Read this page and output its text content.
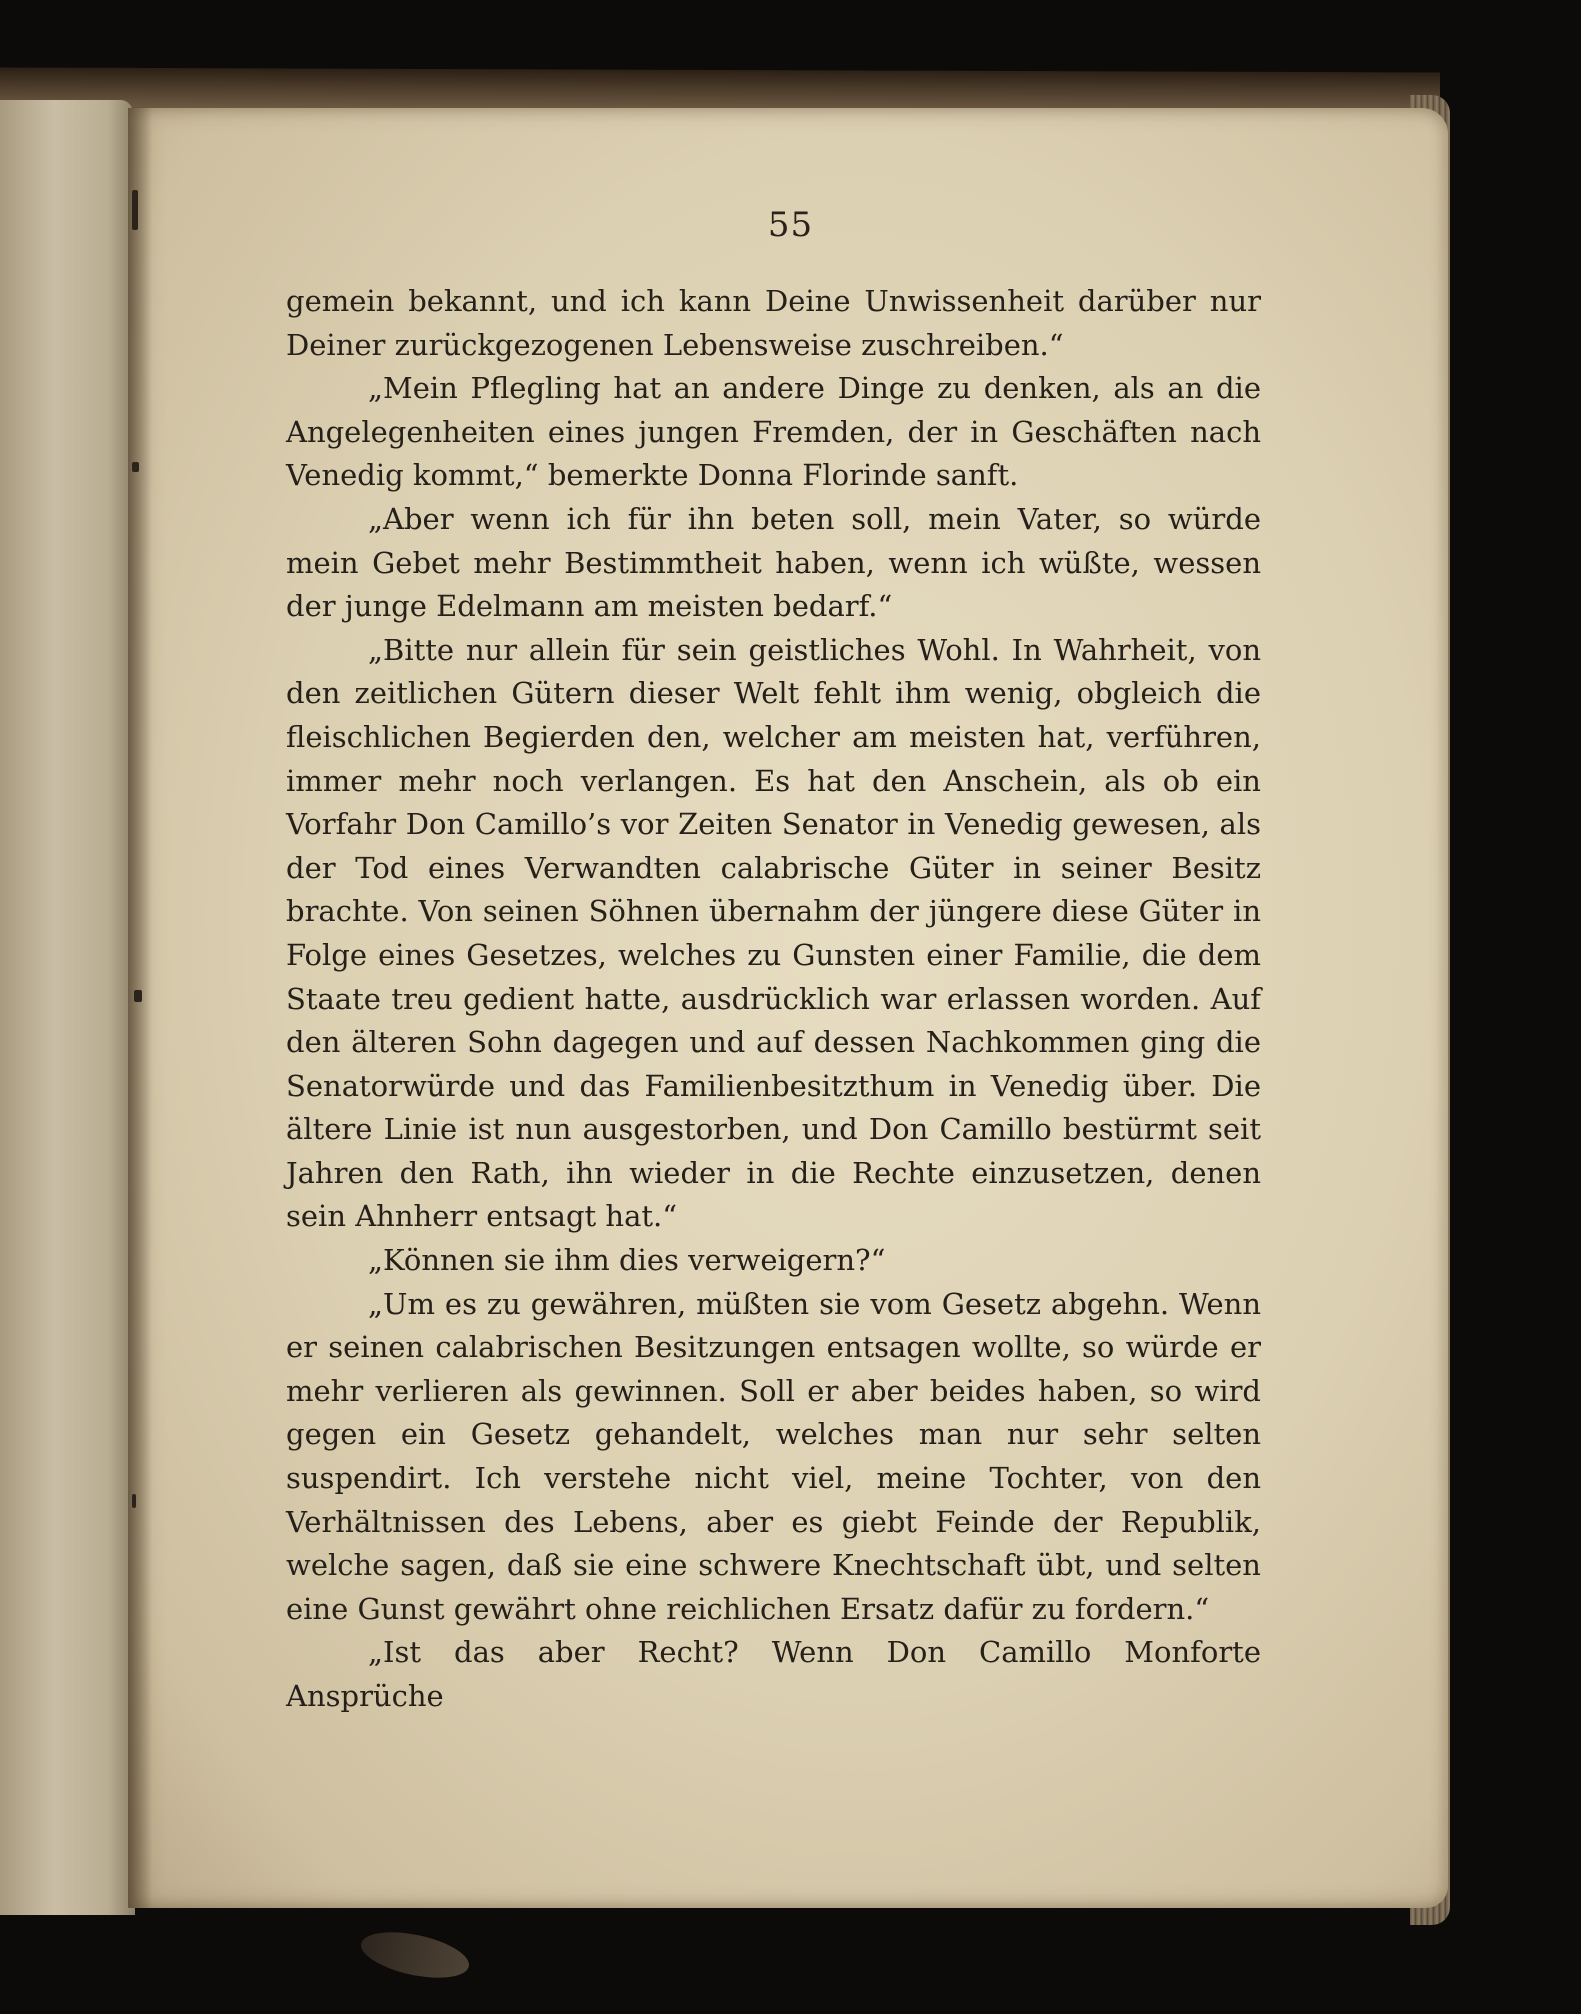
55

gemein bekannt, und ich kann Deine Unwissenheit darüber nur Deiner zurückgezogenen Lebensweise zuschreiben.“

„Mein Pflegling hat an andere Dinge zu denken, als an die Angelegenheiten eines jungen Fremden, der in Geschäften nach Venedig kommt,“ bemerkte Donna Florinde sanft.

„Aber wenn ich für ihn beten soll, mein Vater, so würde mein Gebet mehr Bestimmtheit haben, wenn ich wüßte, wessen der junge Edelmann am meisten bedarf.“

„Bitte nur allein für sein geistliches Wohl. In Wahrheit, von den zeitlichen Gütern dieser Welt fehlt ihm wenig, obgleich die fleischlichen Begierden den, welcher am meisten hat, verführen, immer mehr noch verlangen. Es hat den Anschein, als ob ein Vorfahr Don Camillo’s vor Zeiten Senator in Venedig gewesen, als der Tod eines Verwandten calabrische Güter in seiner Besitz brachte. Von seinen Söhnen übernahm der jüngere diese Güter in Folge eines Gesetzes, welches zu Gunsten einer Familie, die dem Staate treu gedient hatte, ausdrücklich war erlassen worden. Auf den älteren Sohn dagegen und auf dessen Nachkommen ging die Senatorwürde und das Familienbesitzthum in Venedig über. Die ältere Linie ist nun ausgestorben, und Don Camillo bestürmt seit Jahren den Rath, ihn wieder in die Rechte einzusetzen, denen sein Ahnherr entsagt hat.“

„Können sie ihm dies verweigern?“

„Um es zu gewähren, müßten sie vom Gesetz abgehn. Wenn er seinen calabrischen Besitzungen entsagen wollte, so würde er mehr verlieren als gewinnen. Soll er aber beides haben, so wird gegen ein Gesetz gehandelt, welches man nur sehr selten suspendirt. Ich verstehe nicht viel, meine Tochter, von den Verhältnissen des Lebens, aber es giebt Feinde der Republik, welche sagen, daß sie eine schwere Knechtschaft übt, und selten eine Gunst gewährt ohne reichlichen Ersatz dafür zu fordern.“

„Ist das aber Recht? Wenn Don Camillo Monforte Ansprüche
